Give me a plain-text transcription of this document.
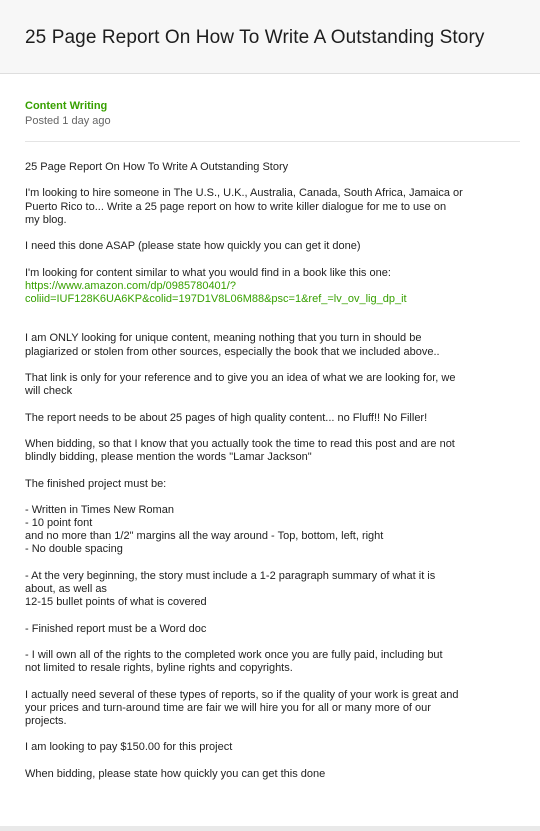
25 Page Report On How To Write A Outstanding Story
Content Writing
Posted 1 day ago
25 Page Report On How To Write A Outstanding Story
I'm looking to hire someone in The U.S., U.K., Australia, Canada, South Africa, Jamaica or
Puerto Rico to... Write a 25 page report on how to write killer dialogue for me to use on
my blog.
I need this done ASAP (please state how quickly you can get it done)
I'm looking for content similar to what you would find in a book like this one:
https://www.amazon.com/dp/0985780401/?
coliid=IUF128K6UA6KP&colid=197D1V8L06M88&psc=1&ref_=lv_ov_lig_dp_it
I am ONLY looking for unique content, meaning nothing that you turn in should be
plagiarized or stolen from other sources, especially the book that we included above..
That link is only for your reference and to give you an idea of what we are looking for, we
will check
The report needs to be about 25 pages of high quality content... no Fluff!! No Filler!
When bidding, so that I know that you actually took the time to read this post and are not
blindly bidding, please mention the words "Lamar Jackson"
The finished project must be:
- Written in Times New Roman
- 10 point font
and no more than 1/2" margins all the way around - Top, bottom, left, right
- No double spacing
- At the very beginning, the story must include a 1-2 paragraph summary of what it is
about, as well as
12-15 bullet points of what is covered
- Finished report must be a Word doc
- I will own all of the rights to the completed work once you are fully paid, including but
not limited to resale rights, byline rights and copyrights.
I actually need several of these types of reports, so if the quality of your work is great and
your prices and turn-around time are fair we will hire you for all or many more of our
projects.
I am looking to pay $150.00 for this project
When bidding, please state how quickly you can get this done
